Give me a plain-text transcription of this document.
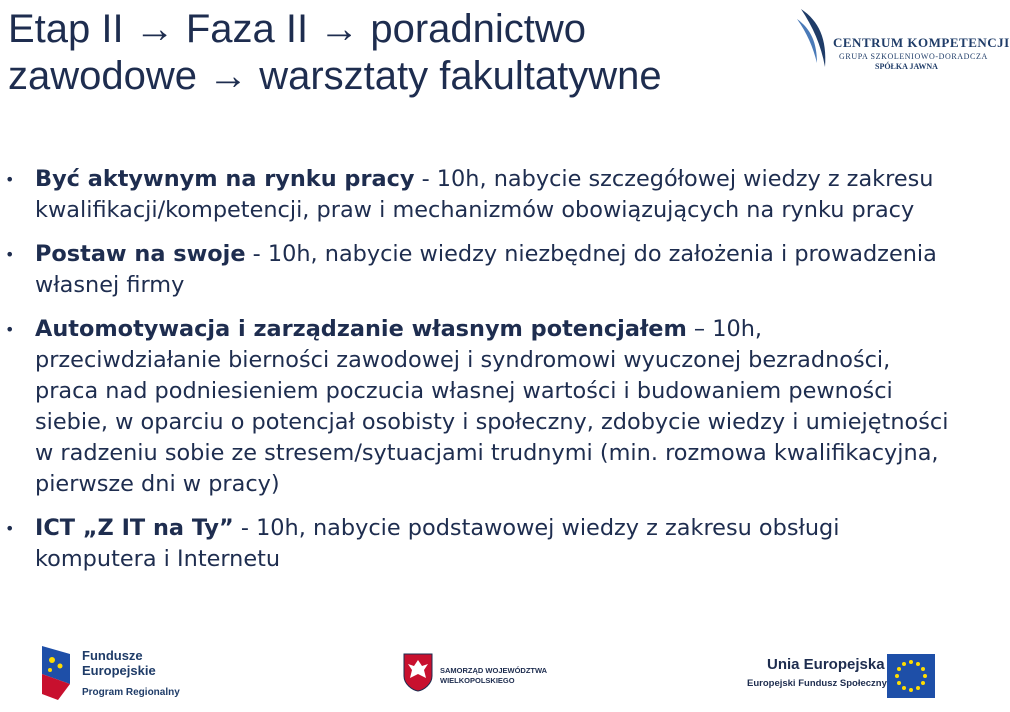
Etap II → Faza II → poradnictwo
zawodowe → warsztaty fakultatywne
CENTRUM KOMPETENCJI
GRUPA SZKOLENIOWO-DORADCZA
SPÓŁKA JAWNA
• Być aktywnym na rynku pracy - 10h, nabycie szczegółowej wiedzy z zakresu kwalifikacji/kompetencji, praw i mechanizmów obowiązujących na rynku pracy
• Postaw na swoje - 10h, nabycie wiedzy niezbędnej do założenia i prowadzenia własnej firmy
• Automotywacja i zarządzanie własnym potencjałem – 10h, przeciwdziałanie bierności zawodowej i syndromowi wyuczonej bezradności, praca nad podniesieniem poczucia własnej wartości i budowaniem pewności siebie, w oparciu o potencjał osobisty i społeczny, zdobycie wiedzy i umiejętności w radzeniu sobie ze stresem/sytuacjami trudnymi (min. rozmowa kwalifikacyjna, pierwsze dni w pracy)
• ICT „Z IT na Ty” - 10h, nabycie podstawowej wiedzy z zakresu obsługi komputera i Internetu
Fundusze
Europejskie
Program Regionalny
SAMORZĄD WOJEWÓDZTWA
WIELKOPOLSKIEGO
Unia Europejska
Europejski Fundusz Społeczny
